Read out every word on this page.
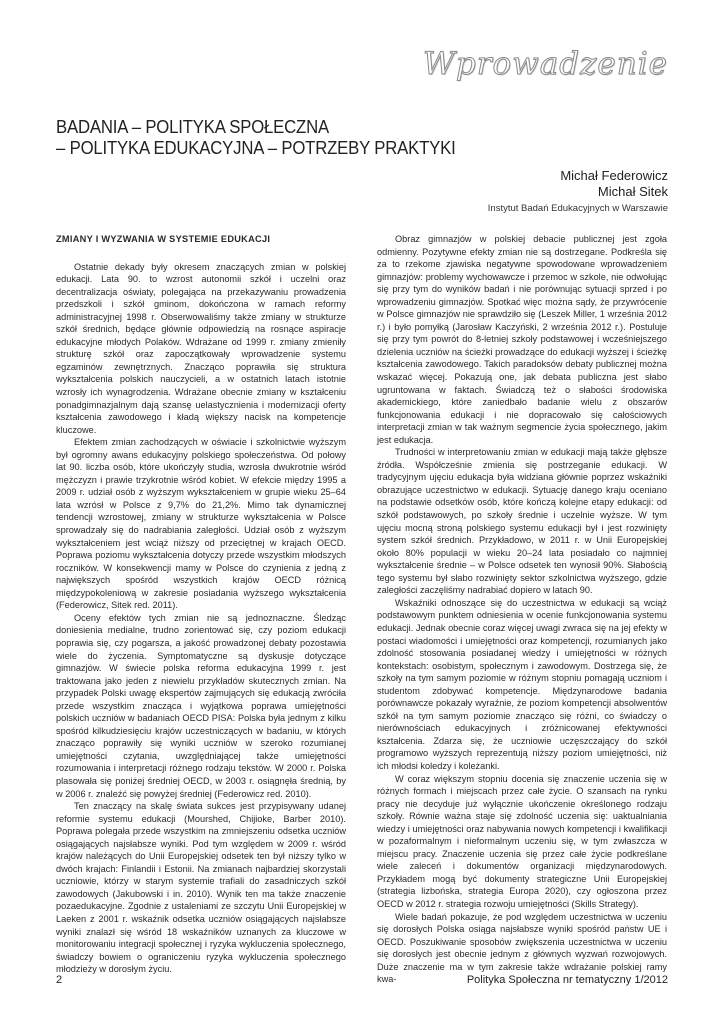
Wprowadzenie
BADANIA – POLITYKA SPOŁECZNA
– POLITYKA EDUKACYJNA – POTRZEBY PRAKTYKI
Michał Federowicz
Michał Sitek
Instytut Badań Edukacyjnych w Warszawie
ZMIANY I WYZWANIA W SYSTEMIE EDUKACJI

Ostatnie dekady były okresem znaczących zmian w polskiej edukacji. Lata 90. to wzrost autonomii szkół i uczelni oraz decentralizacja oświaty, polegająca na przekazywaniu prowadzenia przedszkoli i szkół gminom, dokończona w ramach reformy administracyjnej 1998 r. Obserwowaliśmy także zmiany w strukturze szkół średnich, będące głównie odpowiedzią na rosnące aspiracje edukacyjne młodych Polaków. Wdrażane od 1999 r. zmiany zmieniły strukturę szkół oraz zapoczątkowały wprowadzenie systemu egzaminów zewnętrznych. Znacząco poprawiła się struktura wykształcenia polskich nauczycieli, a w ostatnich latach istotnie wzrosły ich wynagrodzenia. Wdrażane obecnie zmiany w kształceniu ponadgimnazjalnym dają szansę uelastycznienia i modernizacji oferty kształcenia zawodowego i kładą większy nacisk na kompetencje kluczowe.

Efektem zmian zachodzących w oświacie i szkolnictwie wyższym był ogromny awans edukacyjny polskiego społeczeństwa. Od połowy lat 90. liczba osób, które ukończyły studia, wzrosła dwukrotnie wśród mężczyzn i prawie trzykrotnie wśród kobiet. W efekcie między 1995 a 2009 r. udział osób z wyższym wykształceniem w grupie wieku 25–64 lata wzrósł w Polsce z 9,7% do 21,2%. Mimo tak dynamicznej tendencji wzrostowej, zmiany w strukturze wykształcenia w Polsce sprowadzały się do nadrabiania zaległości. Udział osób z wyższym wykształceniem jest wciąż niższy od przeciętnej w krajach OECD. Poprawa poziomu wykształcenia dotyczy przede wszystkim młodszych roczników. W konsekwencji mamy w Polsce do czynienia z jedną z największych spośród wszystkich krajów OECD różnicą międzypokoleniową w zakresie posiadania wyższego wykształcenia (Federowicz, Sitek red. 2011).

Oceny efektów tych zmian nie są jednoznaczne. Śledząc doniesienia medialne, trudno zorientować się, czy poziom edukacji poprawia się, czy pogarsza, a jakość prowadzonej debaty pozostawia wiele do życzenia. Symptomatyczne są dyskusje dotyczące gimnazjów. W świecie polska reforma edukacyjna 1999 r. jest traktowana jako jeden z niewielu przykładów skutecznych zmian. Na przypadek Polski uwagę ekspertów zajmujących się edukacją zwróciła przede wszystkim znacząca i wyjątkowa poprawa umiejętności polskich uczniów w badaniach OECD PISA: Polska była jednym z kilku spośród kilkudziesięciu krajów uczestniczących w badaniu, w których znacząco poprawiły się wyniki uczniów w szeroko rozumianej umiejętności czytania, uwzględniającej także umiejętności rozumowania i interpretacji różnego rodzaju tekstów. W 2000 r. Polska plasowała się poniżej średniej OECD, w 2003 r. osiągnęła średnią, by w 2006 r. znaleźć się powyżej średniej (Federowicz red. 2010).

Ten znaczący na skalę świata sukces jest przypisywany udanej reformie systemu edukacji (Mourshed, Chijioke, Barber 2010). Poprawa polegała przede wszystkim na zmniejszeniu odsetka uczniów osiągających najsłabsze wyniki. Pod tym względem w 2009 r. wśród krajów należących do Unii Europejskiej odsetek ten był niższy tylko w dwóch krajach: Finlandii i Estonii. Na zmianach najbardziej skorzystali uczniowie, którzy w starym systemie trafiali do zasadniczych szkół zawodowych (Jakubowski i in. 2010). Wynik ten ma także znaczenie pozaedukacyjne. Zgodnie z ustaleniami ze szczytu Unii Europejskiej w Laeken z 2001 r. wskaźnik odsetka uczniów osiągających najsłabsze wyniki znalazł się wśród 18 wskaźników uznanych za kluczowe w monitorowaniu integracji społecznej i ryzyka wykluczenia społecznego, świadczy bowiem o ograniczeniu ryzyka wykluczenia społecznego młodzieży w dorosłym życiu.

Obraz gimnazjów w polskiej debacie publicznej jest zgoła odmienny. Pozytywne efekty zmian nie są dostrzegane. Podkreśla się za to rzekome zjawiska negatywne spowodowane wprowadzeniem gimnazjów: problemy wychowawcze i przemoc w szkole, nie odwołując się przy tym do wyników badań i nie porównując sytuacji sprzed i po wprowadzeniu gimnazjów. Spotkać więc można sądy, że przywrócenie w Polsce gimnazjów nie sprawdziło się (Leszek Miller, 1 września 2012 r.) i było pomyłką (Jarosław Kaczyński, 2 września 2012 r.). Postuluje się przy tym powrót do 8-letniej szkoły podstawowej i wcześniejszego dzielenia uczniów na ścieżki prowadzące do edukacji wyższej i ścieżkę kształcenia zawodowego. Takich paradoksów debaty publicznej można wskazać więcej. Pokazują one, jak debata publiczna jest słabo ugruntowana w faktach. Świadczą też o słabości środowiska akademickiego, które zaniedbało badanie wielu z obszarów funkcjonowania edukacji i nie dopracowało się całościowych interpretacji zmian w tak ważnym segmencie życia społecznego, jakim jest edukacja.

Trudności w interpretowaniu zmian w edukacji mają także głębsze źródła. Współcześnie zmienia się postrzeganie edukacji. W tradycyjnym ujęciu edukacja była widziana głównie poprzez wskaźniki obrazujące uczestnictwo w edukacji. Sytuację danego kraju oceniano na podstawie odsetków osób, które kończą kolejne etapy edukacji: od szkół podstawowych, po szkoły średnie i uczelnie wyższe. W tym ujęciu mocną stroną polskiego systemu edukacji był i jest rozwinięty system szkół średnich. Przykładowo, w 2011 r. w Unii Europejskiej około 80% populacji w wieku 20–24 lata posiadało co najmniej wykształcenie średnie – w Polsce odsetek ten wynosił 90%. Słabością tego systemu był słabo rozwinięty sektor szkolnictwa wyższego, gdzie zaległości zaczęliśmy nadrabiać dopiero w latach 90.

Wskaźniki odnoszące się do uczestnictwa w edukacji są wciąż podstawowym punktem odniesienia w ocenie funkcjonowania systemu edukacji. Jednak obecnie coraz więcej uwagi zwraca się na jej efekty w postaci wiadomości i umiejętności oraz kompetencji, rozumianych jako zdolność stosowania posiadanej wiedzy i umiejętności w różnych kontekstach: osobistym, społecznym i zawodowym. Dostrzega się, że szkoły na tym samym poziomie w różnym stopniu pomagają uczniom i studentom zdobywać kompetencje. Międzynarodowe badania porównawcze pokazały wyraźnie, że poziom kompetencji absolwentów szkół na tym samym poziomie znacząco się różni, co świadczy o nierównościach edukacyjnych i zróżnicowanej efektywności kształcenia. Zdarza się, że uczniowie uczęszczający do szkół programowo wyższych reprezentują niższy poziom umiejętności, niż ich młodsi koledzy i koleżanki.

W coraz większym stopniu docenia się znaczenie uczenia się w różnych formach i miejscach przez całe życie. O szansach na rynku pracy nie decyduje już wyłącznie ukończenie określonego rodzaju szkoły. Równie ważna staje się zdolność uczenia się: uaktualniania wiedzy i umiejętności oraz nabywania nowych kompetencji i kwalifikacji w pozaformalnym i nieformalnym uczeniu się, w tym zwłaszcza w miejscu pracy. Znaczenie uczenia się przez całe życie podkreślane wiele zaleceń i dokumentów organizacji międzynarodowych. Przykładem mogą być dokumenty strategiczne Unii Europejskiej (strategia lizbońska, strategia Europa 2020), czy ogłoszona przez OECD w 2012 r. strategia rozwoju umiejętności (Skills Strategy).

Wiele badań pokazuje, że pod względem uczestnictwa w uczeniu się dorosłych Polska osiąga najsłabsze wyniki spośród państw UE i OECD. Poszukiwanie sposobów zwiększenia uczestnictwa w uczeniu się dorosłych jest obecnie jednym z głównych wyzwań rozwojowych. Duże znaczenie ma w tym zakresie także wdrażanie polskiej ramy kwa-

2	Polityka Społeczna nr tematyczny 1/2012
